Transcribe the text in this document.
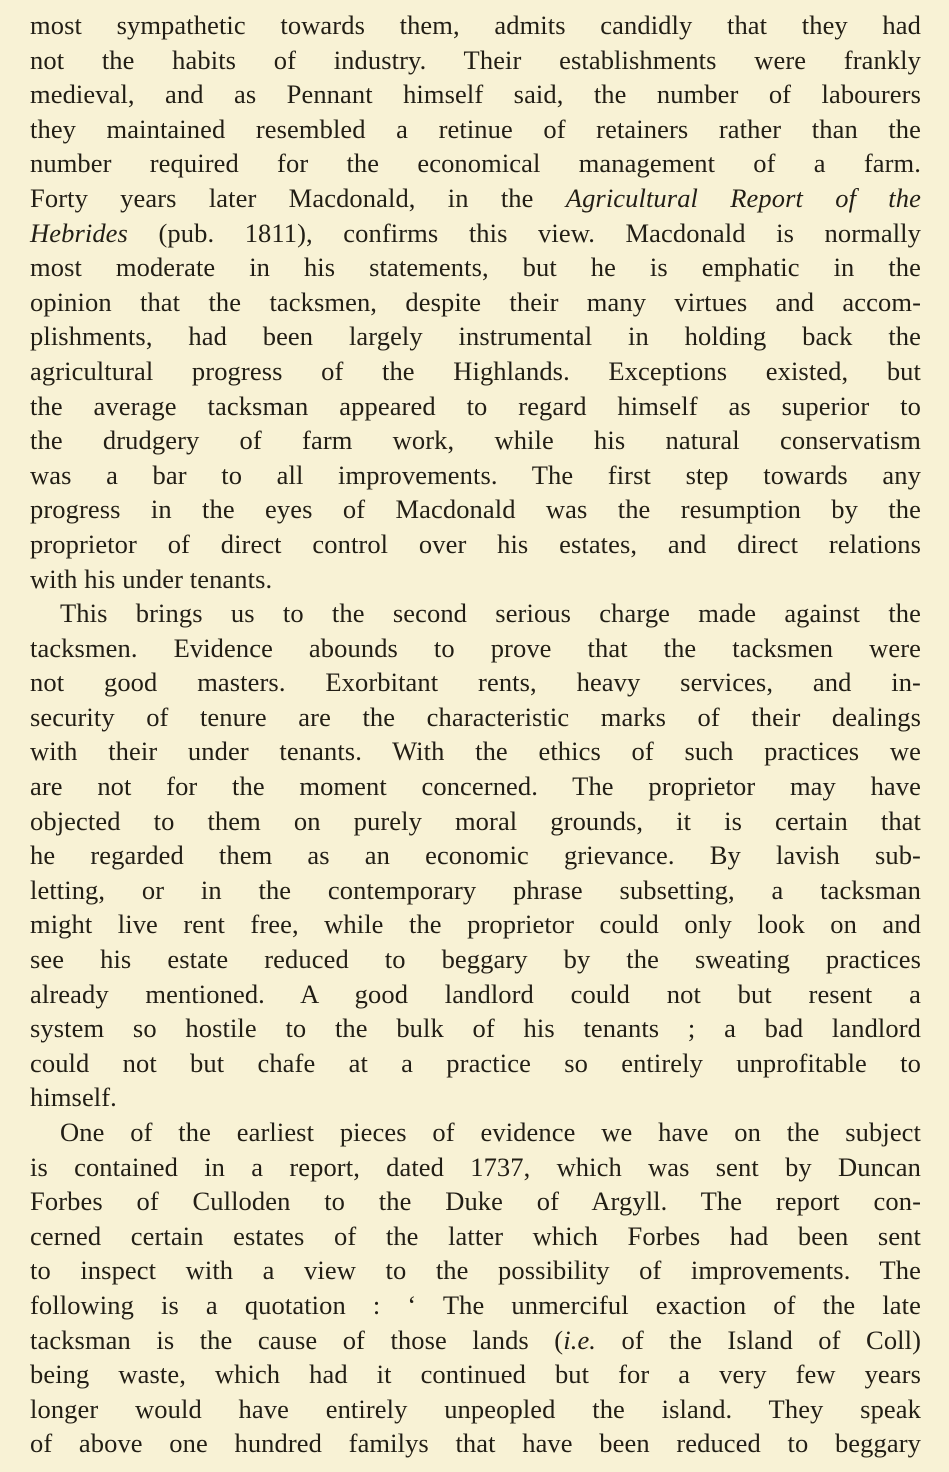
most sympathetic towards them, admits candidly that they had
not the habits of industry. Their establishments were frankly
medieval, and as Pennant himself said, the number of labourers
they maintained resembled a retinue of retainers rather than the
number required for the economical management of a farm.
Forty years later Macdonald, in the Agricultural Report of the
Hebrides (pub. 1811), confirms this view. Macdonald is normally
most moderate in his statements, but he is emphatic in the
opinion that the tacksmen, despite their many virtues and accom-
plishments, had been largely instrumental in holding back the
agricultural progress of the Highlands. Exceptions existed, but
the average tacksman appeared to regard himself as superior to
the drudgery of farm work, while his natural conservatism
was a bar to all improvements. The first step towards any
progress in the eyes of Macdonald was the resumption by the
proprietor of direct control over his estates, and direct relations
with his under tenants.
This brings us to the second serious charge made against the
tacksmen. Evidence abounds to prove that the tacksmen were
not good masters. Exorbitant rents, heavy services, and in-
security of tenure are the characteristic marks of their dealings
with their under tenants. With the ethics of such practices we
are not for the moment concerned. The proprietor may have
objected to them on purely moral grounds, it is certain that
he regarded them as an economic grievance. By lavish sub-
letting, or in the contemporary phrase subsetting, a tacksman
might live rent free, while the proprietor could only look on and
see his estate reduced to beggary by the sweating practices
already mentioned. A good landlord could not but resent a
system so hostile to the bulk of his tenants ; a bad landlord
could not but chafe at a practice so entirely unprofitable to
himself.
One of the earliest pieces of evidence we have on the subject
is contained in a report, dated 1737, which was sent by Duncan
Forbes of Culloden to the Duke of Argyll. The report con-
cerned certain estates of the latter which Forbes had been sent
to inspect with a view to the possibility of improvements. The
following is a quotation : ‘ The unmerciful exaction of the late
tacksman is the cause of those lands (i.e. of the Island of Coll)
being waste, which had it continued but for a very few years
longer would have entirely unpeopled the island. They speak
of above one hundred familys that have been reduced to beggary
